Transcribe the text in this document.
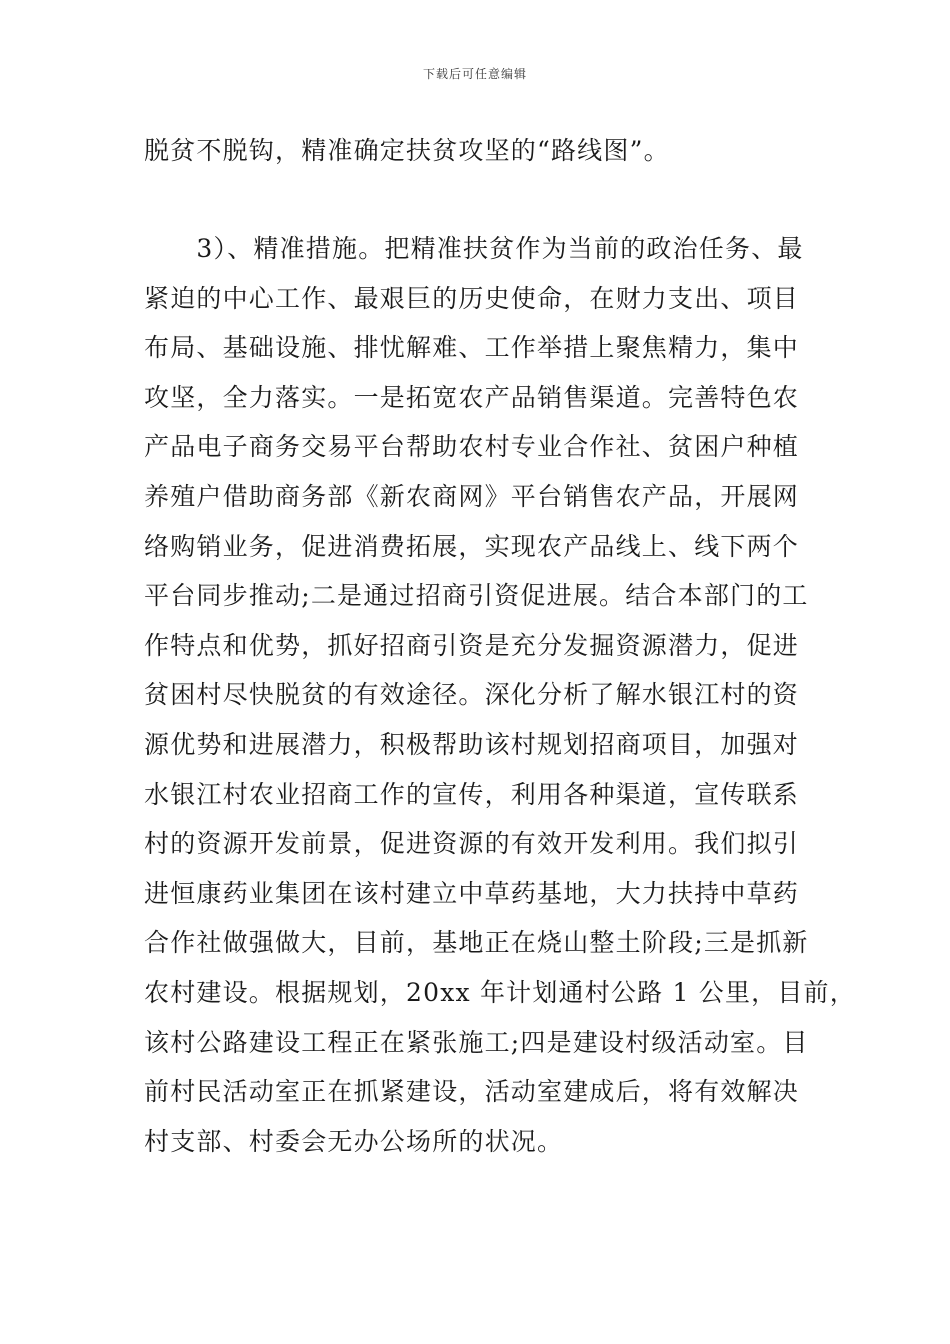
下载后可任意编辑
脱贫不脱钩，精准确定扶贫攻坚的“路线图”。
　　3）、精准措施。把精准扶贫作为当前的政治任务、最
紧迫的中心工作、最艰巨的历史使命，在财力支出、项目
布局、基础设施、排忧解难、工作举措上聚焦精力，集中
攻坚，全力落实。一是拓宽农产品销售渠道。完善特色农
产品电子商务交易平台帮助农村专业合作社、贫困户种植
养殖户借助商务部《新农商网》平台销售农产品，开展网
络购销业务，促进消费拓展，实现农产品线上、线下两个
平台同步推动;二是通过招商引资促进展。结合本部门的工
作特点和优势，抓好招商引资是充分发掘资源潜力，促进
贫困村尽快脱贫的有效途径。深化分析了解水银江村的资
源优势和进展潜力，积极帮助该村规划招商项目，加强对
水银江村农业招商工作的宣传，利用各种渠道，宣传联系
村的资源开发前景，促进资源的有效开发利用。我们拟引
进恒康药业集团在该村建立中草药基地，大力扶持中草药
合作社做强做大，目前，基地正在烧山整土阶段;三是抓新
农村建设。根据规划，20xx 年计划通村公路 1 公里，目前，
该村公路建设工程正在紧张施工;四是建设村级活动室。目
前村民活动室正在抓紧建设，活动室建成后，将有效解决
村支部、村委会无办公场所的状况。
